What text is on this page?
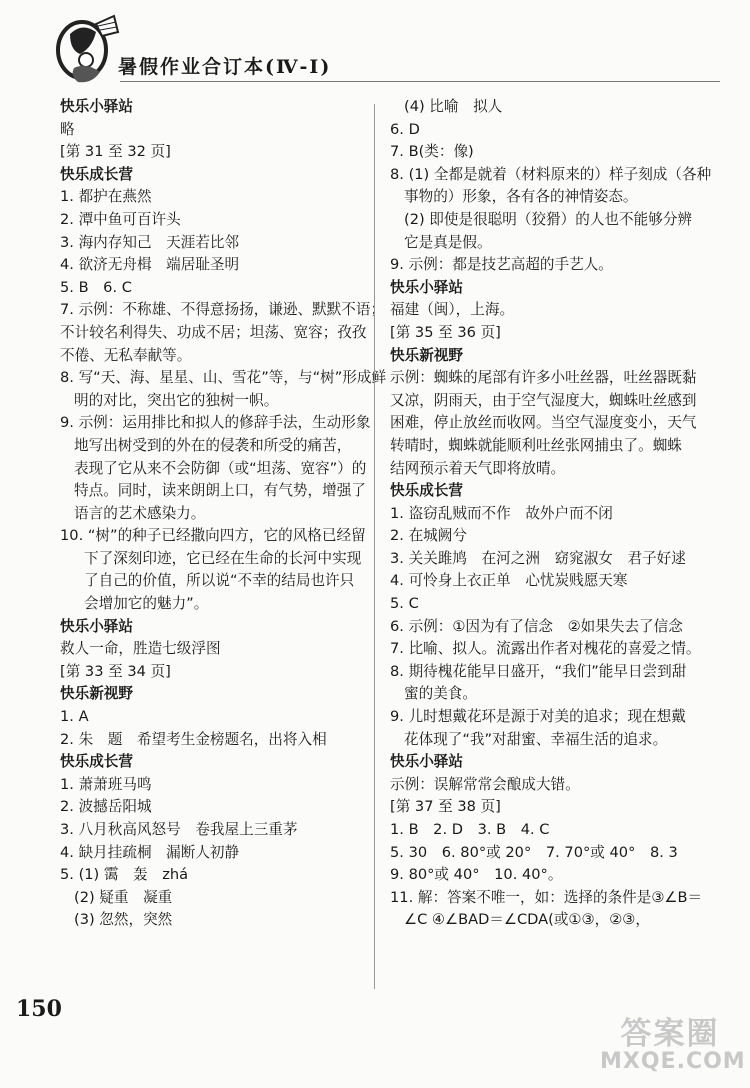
暑假作业合订本(Ⅳ-Ⅰ)
快乐小驿站
略
[第 31 至 32 页]
快乐成长营
1. 都护在燕然
2. 潭中鱼可百许头
3. 海内存知己　天涯若比邻
4. 欲济无舟楫　端居耻圣明
5. B　6. C
7. 示例：不称雄、不得意扬扬，谦逊、默默不语；
不计较名利得失、功成不居；坦荡、宽容；孜孜
不倦、无私奉献等。
8. 写“天、海、星星、山、雪花”等，与“树”形成鲜
明的对比，突出它的独树一帜。
9. 示例：运用排比和拟人的修辞手法，生动形象
地写出树受到的外在的侵袭和所受的痛苦，
表现了它从来不会防御（或“坦荡、宽容”）的
特点。同时，读来朗朗上口，有气势，增强了
语言的艺术感染力。
10. “树”的种子已经撒向四方，它的风格已经留
下了深刻印迹，它已经在生命的长河中实现
了自己的价值，所以说“不幸的结局也许只
会增加它的魅力”。
快乐小驿站
救人一命，胜造七级浮图
[第 33 至 34 页]
快乐新视野
1. A
2. 朱　题　希望考生金榜题名，出将入相
快乐成长营
1. 萧萧班马鸣
2. 波撼岳阳城
3. 八月秋高风怒号　卷我屋上三重茅
4. 缺月挂疏桐　漏断人初静
5. (1) 霭　轰　zhá
(2) 疑重　凝重
(3) 忽然，突然
(4) 比喻　拟人
6. D
7. B(类：像)
8. (1) 全都是就着（材料原来的）样子刻成（各种
事物的）形象，各有各的神情姿态。
(2) 即使是很聪明（狡猾）的人也不能够分辨
它是真是假。
9. 示例：都是技艺高超的手艺人。
快乐小驿站
福建（闽），上海。
[第 35 至 36 页]
快乐新视野
示例：蜘蛛的尾部有许多小吐丝器，吐丝器既黏
又凉，阴雨天，由于空气湿度大，蜘蛛吐丝感到
困难，停止放丝而收网。当空气湿度变小，天气
转晴时，蜘蛛就能顺利吐丝张网捕虫了。蜘蛛
结网预示着天气即将放晴。
快乐成长营
1. 盗窃乱贼而不作　故外户而不闭
2. 在城阙兮
3. 关关雎鸠　在河之洲　窈窕淑女　君子好逑
4. 可怜身上衣正单　心忧炭贱愿天寒
5. C
6. 示例：①因为有了信念　②如果失去了信念
7. 比喻、拟人。流露出作者对槐花的喜爱之情。
8. 期待槐花能早日盛开，“我们”能早日尝到甜
蜜的美食。
9. 儿时想戴花环是源于对美的追求；现在想戴
花体现了“我”对甜蜜、幸福生活的追求。
快乐小驿站
示例：误解常常会酿成大错。
[第 37 至 38 页]
1. B　2. D　3. B　4. C
5. 30　6. 80°或 20°　7. 70°或 40°　8. 3
9. 80°或 40°　10. 40°。
11. 解：答案不唯一，如：选择的条件是③∠B＝
∠C ④∠BAD＝∠CDA(或①③，②③，
150
答案圈
MXQE.COM
